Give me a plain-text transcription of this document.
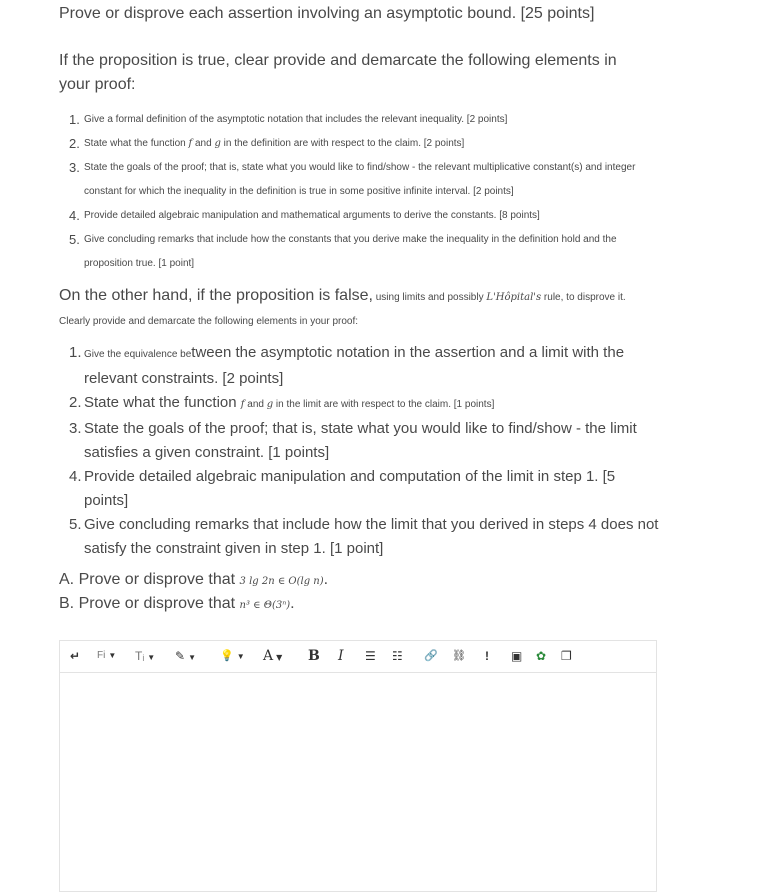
Prove or disprove each assertion involving an asymptotic bound. [25 points]
If the proposition is true, clear provide and demarcate the following elements in your proof:
1. Give a formal definition of the asymptotic notation that includes the relevant inequality. [2 points]
2. State what the function f and g in the definition are with respect to the claim. [2 points]
3. State the goals of the proof; that is, state what you would like to find/show - the relevant multiplicative constant(s) and integer constant for which the inequality in the definition is true in some positive infinite interval. [2 points]
4. Provide detailed algebraic manipulation and mathematical arguments to derive the constants. [8 points]
5. Give concluding remarks that include how the constants that you derive make the inequality in the definition hold and the proposition true. [1 point]
On the other hand, if the proposition is false, using limits and possibly L'Hôpital's rule, to disprove it.
Clearly provide and demarcate the following elements in your proof:
1. Give the equivalence between the asymptotic notation in the assertion and a limit with the relevant constraints. [2 points]
2. State what the function f and g in the limit are with respect to the claim. [1 points]
3. State the goals of the proof; that is, state what you would like to find/show - the limit satisfies a given constraint. [1 points]
4. Provide detailed algebraic manipulation and computation of the limit in step 1. [5 points]
5. Give concluding remarks that include how the limit that you derived in steps 4 does not satisfy the constraint given in step 1. [1 point]
A. Prove or disprove that 3 lg 2n ∈ O(lg n).
B. Prove or disprove that n³ ∈ Θ(3ⁿ).
↵ Fi ▼ Tᵢ ▼ ✎ ▼ 💡 ▼ A ▼ B I ☰ ☷ 🔗 ⛓ ! ▣ ✿ ❐
